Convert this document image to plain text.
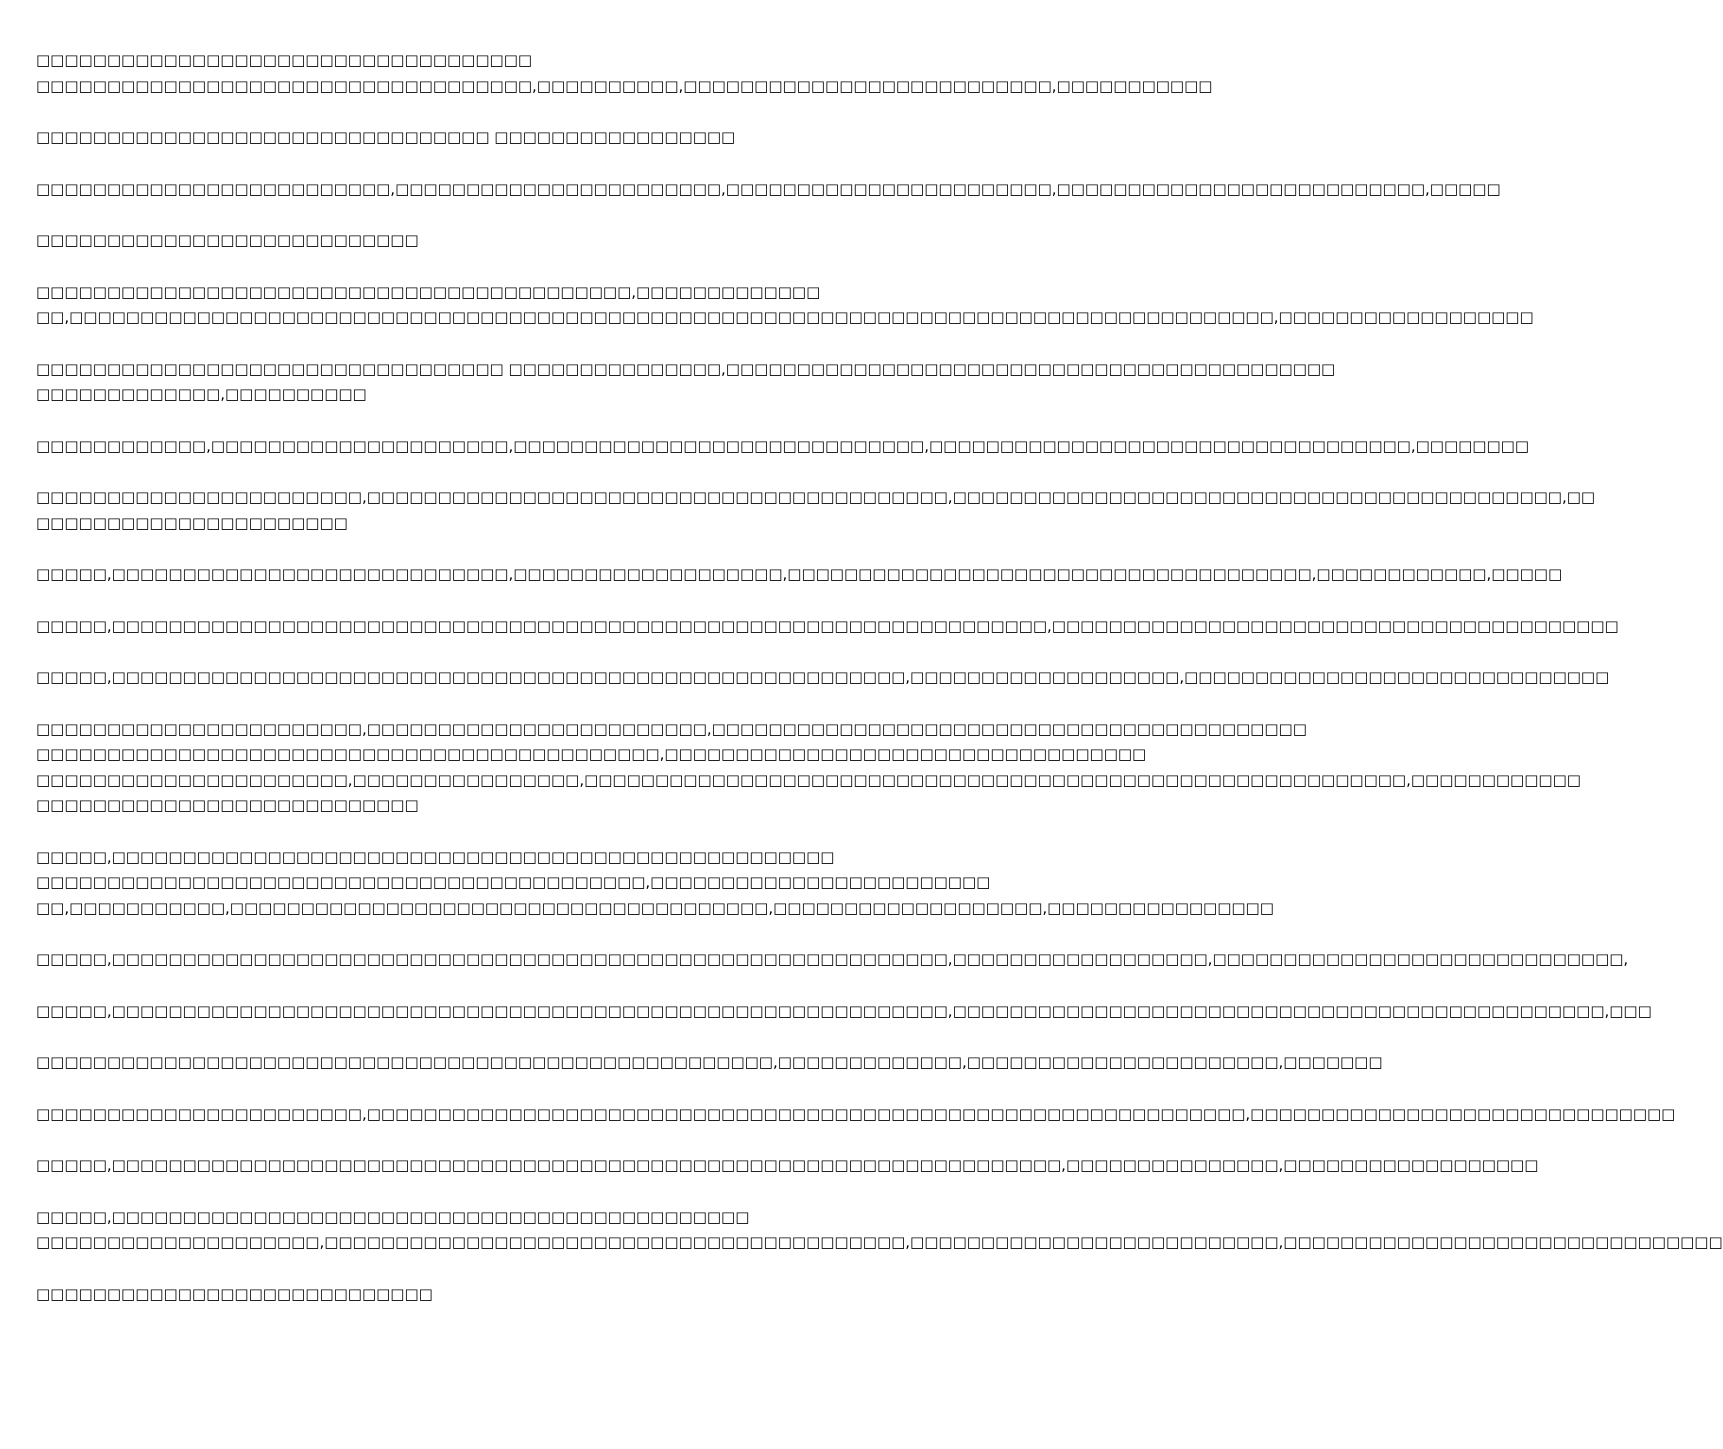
□□□□□□□□□□□□□□□□□□□□□□□□□□□□□□□□□□□
□□□□□□□□□□□□□□□□□□□□□□□□□□□□□□□□□□□,□□□□□□□□□□,□□□□□□□□□□□□□□□□□□□□□□□□□□,□□□□□□□□□□□
□□□□□□□□□□□□□□□□□□□□□□□□□□□□□□□□ □□□□□□□□□□□□□□□□□
□□□□□□□□□□□□□□□□□□□□□□□□□,□□□□□□□□□□□□□□□□□□□□□□□,□□□□□□□□□□□□□□□□□□□□□□□,□□□□□□□□□□□□□□□□□□□□□□□□□□,□□□□□
□□□□□□□□□□□□□□□□□□□□□□□□□□□
□□□□□□□□□□□□□□□□□□□□□□□□□□□□□□□□□□□□□□□□□□,□□□□□□□□□□□□□
□□,□□□□□□□□□□□□□□□□□□□□□□□□□□□□□□□□□□□□□□□□□□□□□□□□□□□□□□□□□□□□□□□□□□□□□□□□□□□□□□□□□□□□□,□□□□□□□□□□□□□□□□□□
□□□□□□□□□□□□□□□□□□□□□□□□□□□□□□□□□ □□□□□□□□□□□□□□□,□□□□□□□□□□□□□□□□□□□□□□□□□□□□□□□□□□□□□□□□□□□
□□□□□□□□□□□□□,□□□□□□□□□□
□□□□□□□□□□□□,□□□□□□□□□□□□□□□□□□□□□,□□□□□□□□□□□□□□□□□□□□□□□□□□□□□,□□□□□□□□□□□□□□□□□□□□□□□□□□□□□□□□□□,□□□□□□□□
□□□□□□□□□□□□□□□□□□□□□□□,□□□□□□□□□□□□□□□□□□□□□□□□□□□□□□□□□□□□□□□□□,□□□□□□□□□□□□□□□□□□□□□□□□□□□□□□□□□□□□□□□□□□□,□□
□□□□□□□□□□□□□□□□□□□□□□
□□□□□,□□□□□□□□□□□□□□□□□□□□□□□□□□□□,□□□□□□□□□□□□□□□□□□□,□□□□□□□□□□□□□□□□□□□□□□□□□□□□□□□□□□□□□,□□□□□□□□□□□□,□□□□□
□□□□□,□□□□□□□□□□□□□□□□□□□□□□□□□□□□□□□□□□□□□□□□□□□□□□□□□□□□□□□□□□□□□□□□□□,□□□□□□□□□□□□□□□□□□□□□□□□□□□□□□□□□□□□□□□□
□□□□□,□□□□□□□□□□□□□□□□□□□□□□□□□□□□□□□□□□□□□□□□□□□□□□□□□□□□□□□□,□□□□□□□□□□□□□□□□□□□,□□□□□□□□□□□□□□□□□□□□□□□□□□□□□□
□□□□□□□□□□□□□□□□□□□□□□□,□□□□□□□□□□□□□□□□□□□□□□□□,□□□□□□□□□□□□□□□□□□□□□□□□□□□□□□□□□□□□□□□□□□
□□□□□□□□□□□□□□□□□□□□□□□□□□□□□□□□□□□□□□□□□□□□,□□□□□□□□□□□□□□□□□□□□□□□□□□□□□□□□□□
□□□□□□□□□□□□□□□□□□□□□□,□□□□□□□□□□□□□□□□,□□□□□□□□□□□□□□□□□□□□□□□□□□□□□□□□□□□□□□□□□□□□□□□□□□□□□□□□□□,□□□□□□□□□□□□
□□□□□□□□□□□□□□□□□□□□□□□□□□□
□□□□□,□□□□□□□□□□□□□□□□□□□□□□□□□□□□□□□□□□□□□□□□□□□□□□□□□□□
□□□□□□□□□□□□□□□□□□□□□□□□□□□□□□□□□□□□□□□□□□□,□□□□□□□□□□□□□□□□□□□□□□□□
□□,□□□□□□□□□□□,□□□□□□□□□□□□□□□□□□□□□□□□□□□□□□□□□□□□□□,□□□□□□□□□□□□□□□□□□□,□□□□□□□□□□□□□□□□
□□□□□,□□□□□□□□□□□□□□□□□□□□□□□□□□□□□□□□□□□□□□□□□□□□□□□□□□□□□□□□□□□,□□□□□□□□□□□□□□□□□□,□□□□□□□□□□□□□□□□□□□□□□□□□□□□□,
□□□□□,□□□□□□□□□□□□□□□□□□□□□□□□□□□□□□□□□□□□□□□□□□□□□□□□□□□□□□□□□□□,□□□□□□□□□□□□□□□□□□□□□□□□□□□□□□□□□□□□□□□□□□□□□□,□□□
□□□□□□□□□□□□□□□□□□□□□□□□□□□□□□□□□□□□□□□□□□□□□□□□□□□□,□□□□□□□□□□□□□,□□□□□□□□□□□□□□□□□□□□□□,□□□□□□□
□□□□□□□□□□□□□□□□□□□□□□□,□□□□□□□□□□□□□□□□□□□□□□□□□□□□□□□□□□□□□□□□□□□□□□□□□□□□□□□□□□□□□□,□□□□□□□□□□□□□□□□□□□□□□□□□□□□□□
□□□□□,□□□□□□□□□□□□□□□□□□□□□□□□□□□□□□□□□□□□□□□□□□□□□□□□□□□□□□□□□□□□□□□□□□□,□□□□□□□□□□□□□□□,□□□□□□□□□□□□□□□□□□
□□□□□,□□□□□□□□□□□□□□□□□□□□□□□□□□□□□□□□□□□□□□□□□□□□□
□□□□□□□□□□□□□□□□□□□□,□□□□□□□□□□□□□□□□□□□□□□□□□□□□□□□□□□□□□□□□□,□□□□□□□□□□□□□□□□□□□□□□□□□□,□□□□□□□□□□□□□□□□□□□□□□□□□□□□□□□
□□□□□□□□□□□□□□□□□□□□□□□□□□□□
